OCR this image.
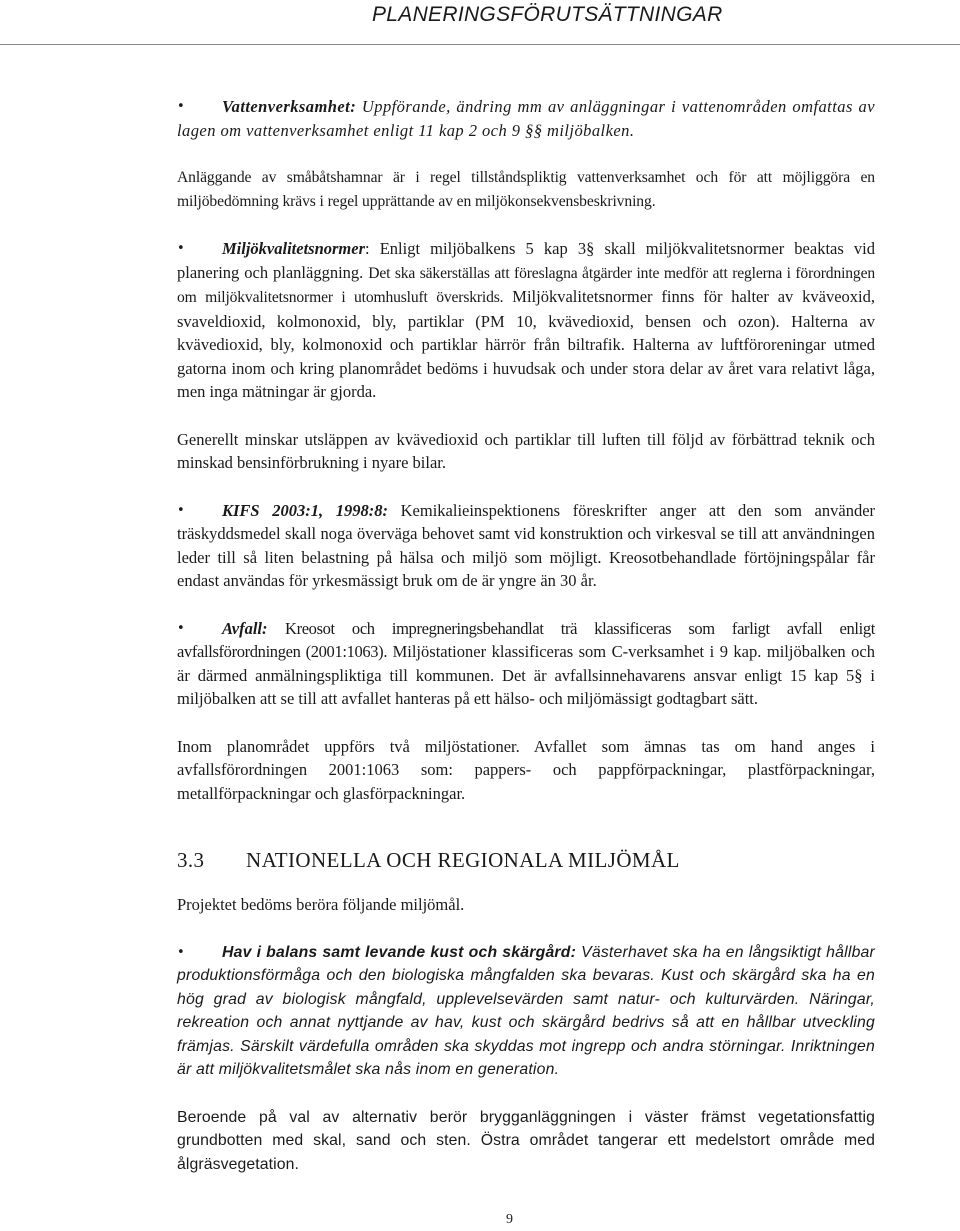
PLANERINGSFÖRUTSÄTTNINGAR

• Vattenverksamhet: Uppförande, ändring mm av anläggningar i vattenområden omfattas av lagen om vattenverksamhet enligt 11 kap 2 och 9 §§ miljöbalken.

Anläggande av småbåtshamnar är i regel tillståndspliktig vattenverksamhet och för att möjliggöra en miljöbedömning krävs i regel upprättande av en miljökonsekvensbeskrivning.

• Miljökvalitetsnormer: Enligt miljöbalkens 5 kap 3§ skall miljökvalitetsnormer beaktas vid planering och planläggning. Det ska säkerställas att föreslagna åtgärder inte medför att reglerna i förordningen om miljökvalitetsnormer i utomhusluft överskrids. Miljökvalitetsnormer finns för halter av kväveoxid, svaveldioxid, kolmonoxid, bly, partiklar (PM 10, kvävedioxid, bensen och ozon). Halterna av kvävedioxid, bly, kolmonoxid och partiklar härrör från biltrafik. Halterna av luftföroreningar utmed gatorna inom och kring planområdet bedöms i huvudsak och under stora delar av året vara relativt låga, men inga mätningar är gjorda.

Generellt minskar utsläppen av kvävedioxid och partiklar till luften till följd av förbättrad teknik och minskad bensinförbrukning i nyare bilar.

• KIFS 2003:1, 1998:8: Kemikalieinspektionens föreskrifter anger att den som använder träskyddsmedel skall noga överväga behovet samt vid konstruktion och virkesval se till att användningen leder till så liten belastning på hälsa och miljö som möjligt. Kreosotbehandlade förtöjningspålar får endast användas för yrkesmässigt bruk om de är yngre än 30 år.

• Avfall: Kreosot och impregneringsbehandlat trä klassificeras som farligt avfall enligt avfallsförordningen (2001:1063). Miljöstationer klassificeras som C-verksamhet i 9 kap. miljöbalken och är därmed anmälningspliktiga till kommunen. Det är avfallsinnehavarens ansvar enligt 15 kap 5§ i miljöbalken att se till att avfallet hanteras på ett hälso- och miljömässigt godtagbart sätt.

Inom planområdet uppförs två miljöstationer. Avfallet som ämnas tas om hand anges i avfallsförordningen 2001:1063 som: pappers- och pappförpackningar, plastförpackningar, metallförpackningar och glasförpackningar.

3.3 NATIONELLA OCH REGIONALA MILJÖMÅL

Projektet bedöms beröra följande miljömål.

• Hav i balans samt levande kust och skärgård: Västerhavet ska ha en långsiktigt hållbar produktionsförmåga och den biologiska mångfalden ska bevaras. Kust och skärgård ska ha en hög grad av biologisk mångfald, upplevelsevärden samt natur- och kulturvärden. Näringar, rekreation och annat nyttjande av hav, kust och skärgård bedrivs så att en hållbar utveckling främjas. Särskilt värdefulla områden ska skyddas mot ingrepp och andra störningar. Inriktningen är att miljökvalitetsmålet ska nås inom en generation.

Beroende på val av alternativ berör brygganläggningen i väster främst vegetationsfattig grundbotten med skal, sand och sten. Östra området tangerar ett medelstort område med ålgräsvegetation.

9
